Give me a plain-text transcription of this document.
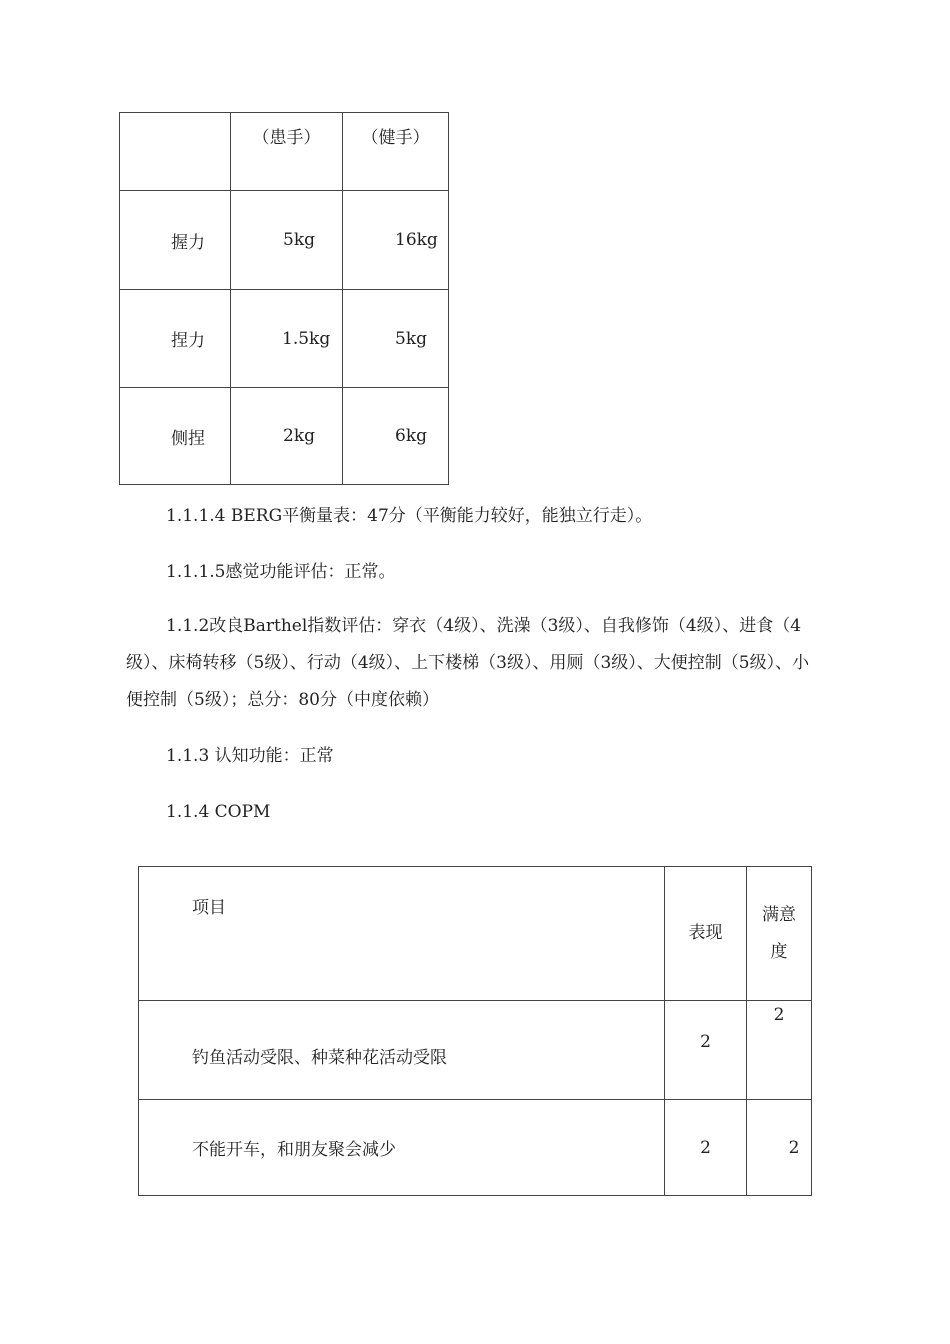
	（患手）	（健手）

握力	5kg	16kg

捏力	1.5kg	5kg

侧捏	2kg	6kg

1.1.1.4 BERG平衡量表：47分（平衡能力较好，能独立行走）。

1.1.1.5感觉功能评估：正常。

1.1.2改良Barthel指数评估：穿衣（4级）、洗澡（3级）、自我修饰（4级）、进食（4级）、床椅转移（5级）、行动（4级）、上下楼梯（3级）、用厕（3级）、大便控制（5级）、小便控制（5级）；总分：80分（中度依赖）

1.1.3 认知功能：正常

1.1.4 COPM

项目	表现	满意度

钓鱼活动受限、种菜种花活动受限	2	2

不能开车，和朋友聚会减少	2	2
